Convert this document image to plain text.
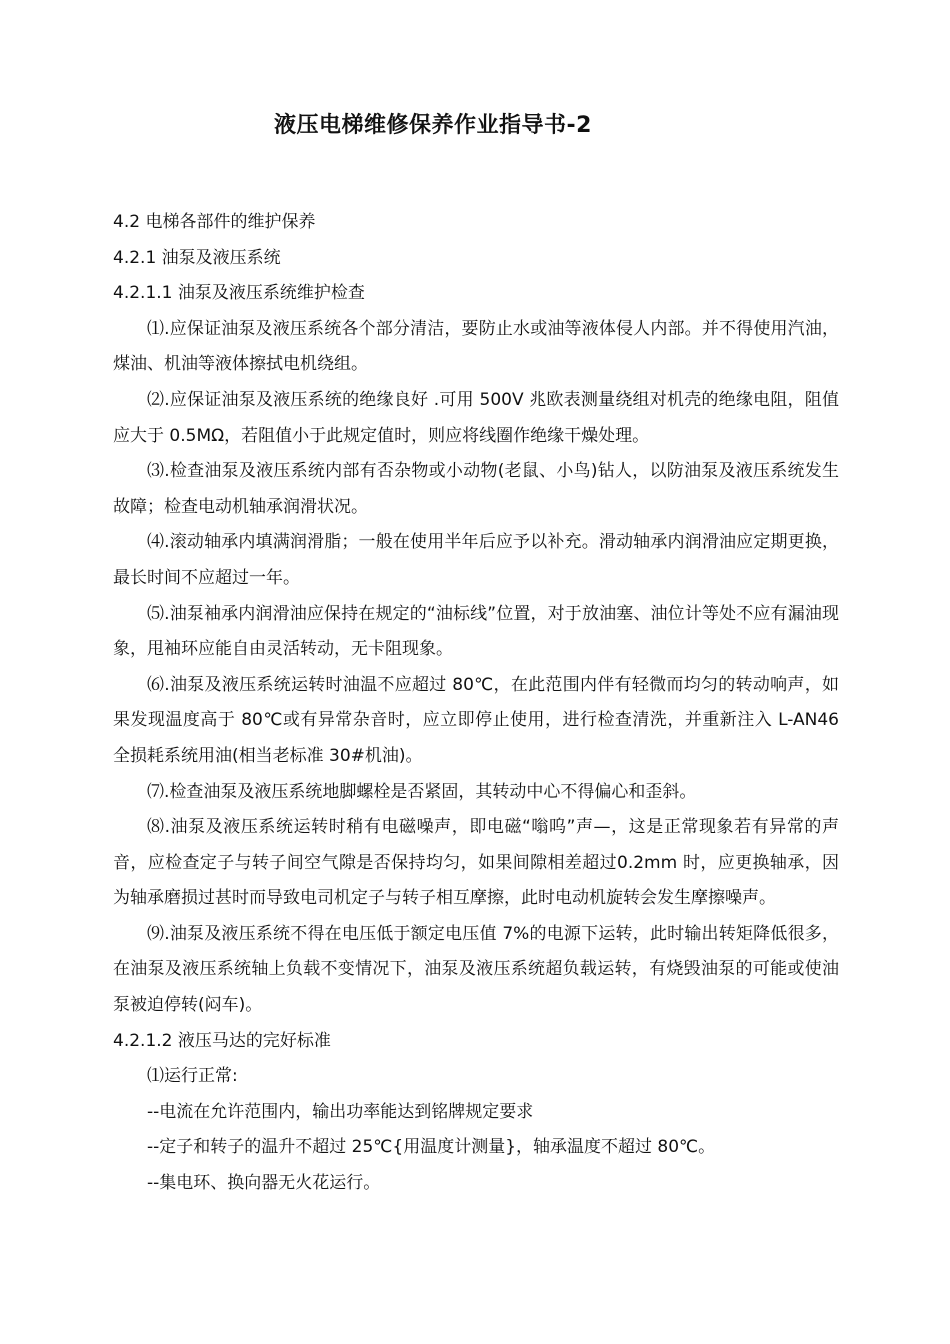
液压电梯维修保养作业指导书-2

4.2 电梯各部件的维护保养

4.2.1 油泵及液压系统

4.2.1.1 油泵及液压系统维护检查

⑴.应保证油泵及液压系统各个部分清洁，要防止水或油等液体侵人内部。并不得使用汽油，煤油、机油等液体擦拭电机绕组。

⑵.应保证油泵及液压系统的绝缘良好 .可用 500V 兆欧表测量绕组对机壳的绝缘电阻，阻值应大于 0.5MΩ，若阻值小于此规定值时，则应将线圈作绝缘干燥处理。

⑶.检查油泵及液压系统内部有否杂物或小动物(老鼠、小鸟)钻人，以防油泵及液压系统发生故障；检查电动机轴承润滑状况。

⑷.滚动轴承内填满润滑脂；一般在使用半年后应予以补充。滑动轴承内润滑油应定期更换，最长时间不应超过一年。

⑸.油泵袖承内润滑油应保持在规定的“油标线”位置，对于放油塞、油位计等处不应有漏油现象，甩袖环应能自由灵活转动，无卡阻现象。

⑹.油泵及液压系统运转时油温不应超过 80℃，在此范围内伴有轻微而均匀的转动响声，如果发现温度高于 80℃或有异常杂音时，应立即停止使用，进行检查清洗，并重新注入 L-AN46 全损耗系统用油(相当老标准 30#机油)。

⑺.检查油泵及液压系统地脚螺栓是否紧固，其转动中心不得偏心和歪斜。

⑻.油泵及液压系统运转时稍有电磁噪声，即电磁“嗡呜”声—，这是正常现象若有异常的声音，应检查定子与转子间空气隙是否保持均匀，如果间隙相差超过0.2mm 时，应更换轴承，因为轴承磨损过甚时而导致电司机定子与转子相互摩擦，此时电动机旋转会发生摩擦噪声。

⑼.油泵及液压系统不得在电压低于额定电压值 7%的电源下运转，此时输出转矩降低很多，在油泵及液压系统轴上负载不变情况下，油泵及液压系统超负载运转，有烧毁油泵的可能或使油泵被迫停转(闷车)。

4.2.1.2 液压马达的完好标准

⑴运行正常:

--电流在允许范围内，输出功率能达到铭牌规定要求

--定子和转子的温升不超过 25℃{用温度计测量}，轴承温度不超过 80℃。

--集电环、换向器无火花运行。
